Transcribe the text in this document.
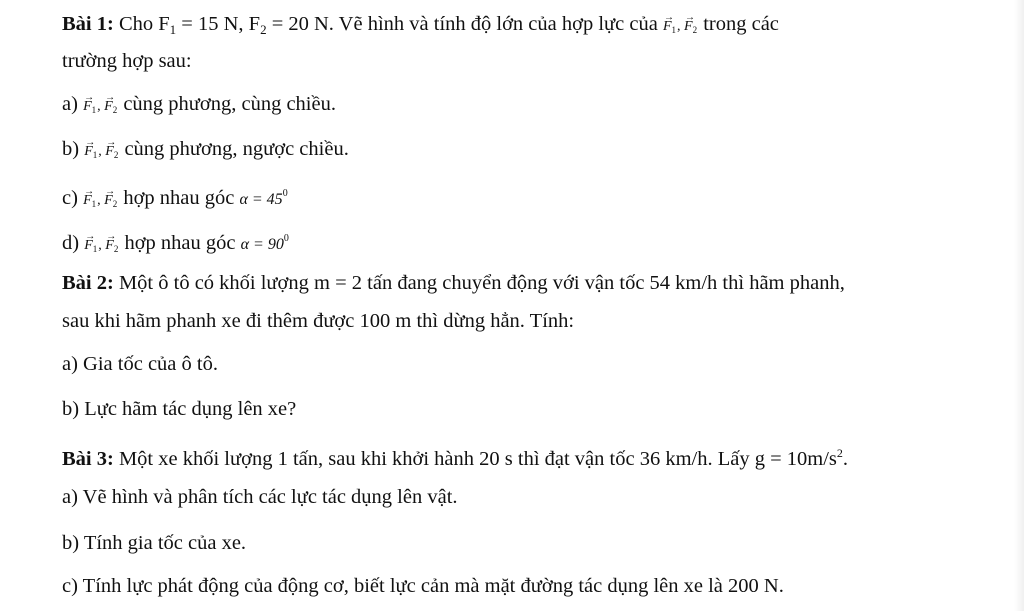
Bài 1: Cho F1 = 15 N, F2 = 20 N. Vẽ hình và tính độ lớn của hợp lực của → $F_1$, → $F_2$ trong các
trường hợp sau:
$a) \to F_1$, → $F_2$ cùng phương, cùng chiều.
$b) \to F_1$, → $F_2$ cùng phương, ngược chiều.
$c) \to F_1$, → $F_2$ hợp nhau góc $\alpha = 45^0$
$d) \to F_1$, → $F_2$ hợp nhau góc $\alpha = 90^0$
Bài 2: Một ô tô có khối lượng m = 2 tấn đang chuyển động với vận tốc 54 km/h thì hãm phanh,
sau khi hãm phanh xe đi thêm được 100 m thì dừng hẳn. Tính:
a) Gia tốc của ô tô.
b) Lực hãm tác dụng lên xe?
Bài 3: Một xe khối lượng 1 tấn, sau khi khởi hành 20 s thì đạt vận tốc 36 km/h. Lấy $g = 10m/s^2$.
a) Vẽ hình và phân tích các lực tác dụng lên vật.
b) Tính gia tốc của xe.
c) Tính lực phát động của động cơ, biết lực cản mà mặt đường tác dụng lên xe là 200 N.
